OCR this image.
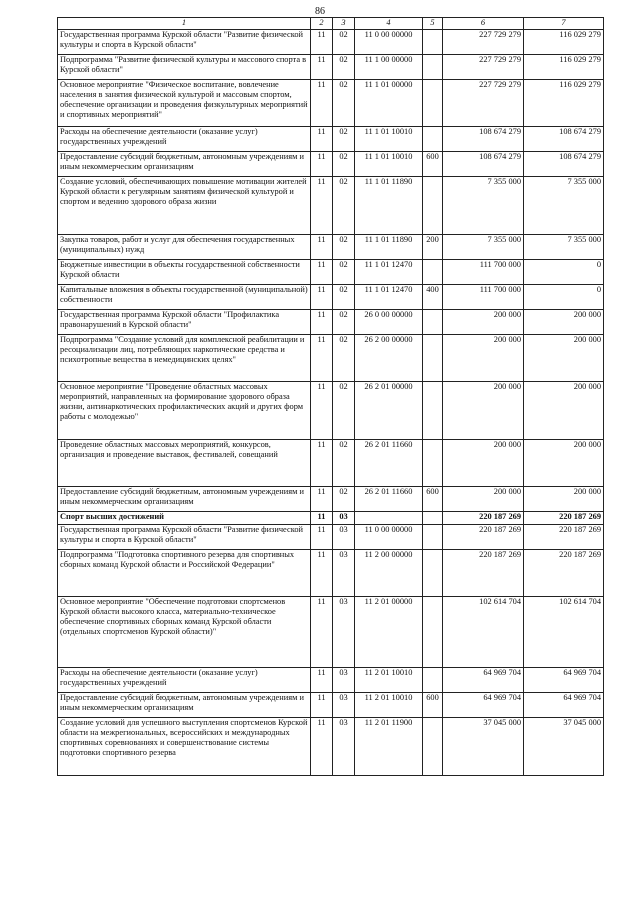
86
1	2	3	4	5	6	7
Государственная программа Курской области "Развитие физической культуры и спорта в Курской области"	11	02	11 0 00 00000		227 729 279	116 029 279
Подпрограмма "Развитие физической культуры и массового спорта в Курской области"	11	02	11 1 00 00000		227 729 279	116 029 279
Основное мероприятие "Физическое воспитание, вовлечение населения в занятия физической культурой и массовым спортом, обеспечение организации и проведения физкультурных мероприятий и спортивных мероприятий"	11	02	11 1 01 00000		227 729 279	116 029 279
Расходы на обеспечение деятельности (оказание услуг) государственных учреждений	11	02	11 1 01 10010		108 674 279	108 674 279
Предоставление субсидий бюджетным, автономным учреждениям и иным некоммерческим организациям	11	02	11 1 01 10010	600	108 674 279	108 674 279
Создание условий, обеспечивающих повышение мотивации жителей Курской области к регулярным занятиям физической культурой и спортом и ведению здорового образа жизни	11	02	11 1 01 11890		7 355 000	7 355 000
Закупка товаров, работ и услуг для обеспечения государственных (муниципальных) нужд	11	02	11 1 01 11890	200	7 355 000	7 355 000
Бюджетные инвестиции в объекты государственной собственности Курской области	11	02	11 1 01 12470		111 700 000	0
Капитальные вложения в объекты государственной (муниципальной) собственности	11	02	11 1 01 12470	400	111 700 000	0
Государственная программа Курской области "Профилактика правонарушений в Курской области"	11	02	26 0 00 00000		200 000	200 000
Подпрограмма "Создание условий для комплексной реабилитации и ресоциализации лиц, потребляющих наркотические средства и психотропные вещества в немедицинских целях"	11	02	26 2 00 00000		200 000	200 000
Основное мероприятие "Проведение областных массовых мероприятий, направленных на формирование здорового образа жизни, антинаркотических профилактических акций и других форм работы с молодежью"	11	02	26 2 01 00000		200 000	200 000
Проведение областных массовых мероприятий, конкурсов, организация и проведение выставок, фестивалей, совещаний	11	02	26 2 01 11660		200 000	200 000
Предоставление субсидий бюджетным, автономным учреждениям и иным некоммерческим организациям	11	02	26 2 01 11660	600	200 000	200 000
Спорт высших достижений	11	03			220 187 269	220 187 269
Государственная программа Курской области "Развитие физической культуры и спорта в Курской области"	11	03	11 0 00 00000		220 187 269	220 187 269
Подпрограмма "Подготовка спортивного резерва для спортивных сборных команд Курской области и Российской Федерации"	11	03	11 2 00 00000		220 187 269	220 187 269
Основное мероприятие "Обеспечение подготовки спортсменов Курской области высокого класса, материально-техническое обеспечение спортивных сборных команд Курской области (отдельных спортсменов Курской области)"	11	03	11 2 01 00000		102 614 704	102 614 704
Расходы на обеспечение деятельности (оказание услуг) государственных учреждений	11	03	11 2 01 10010		64 969 704	64 969 704
Предоставление субсидий бюджетным, автономным учреждениям и иным некоммерческим организациям	11	03	11 2 01 10010	600	64 969 704	64 969 704
Создание условий для успешного выступления спортсменов Курской области на межрегиональных, всероссийских и международных спортивных соревнованиях и совершенствование системы подготовки спортивного резерва	11	03	11 2 01 11900		37 045 000	37 045 000
